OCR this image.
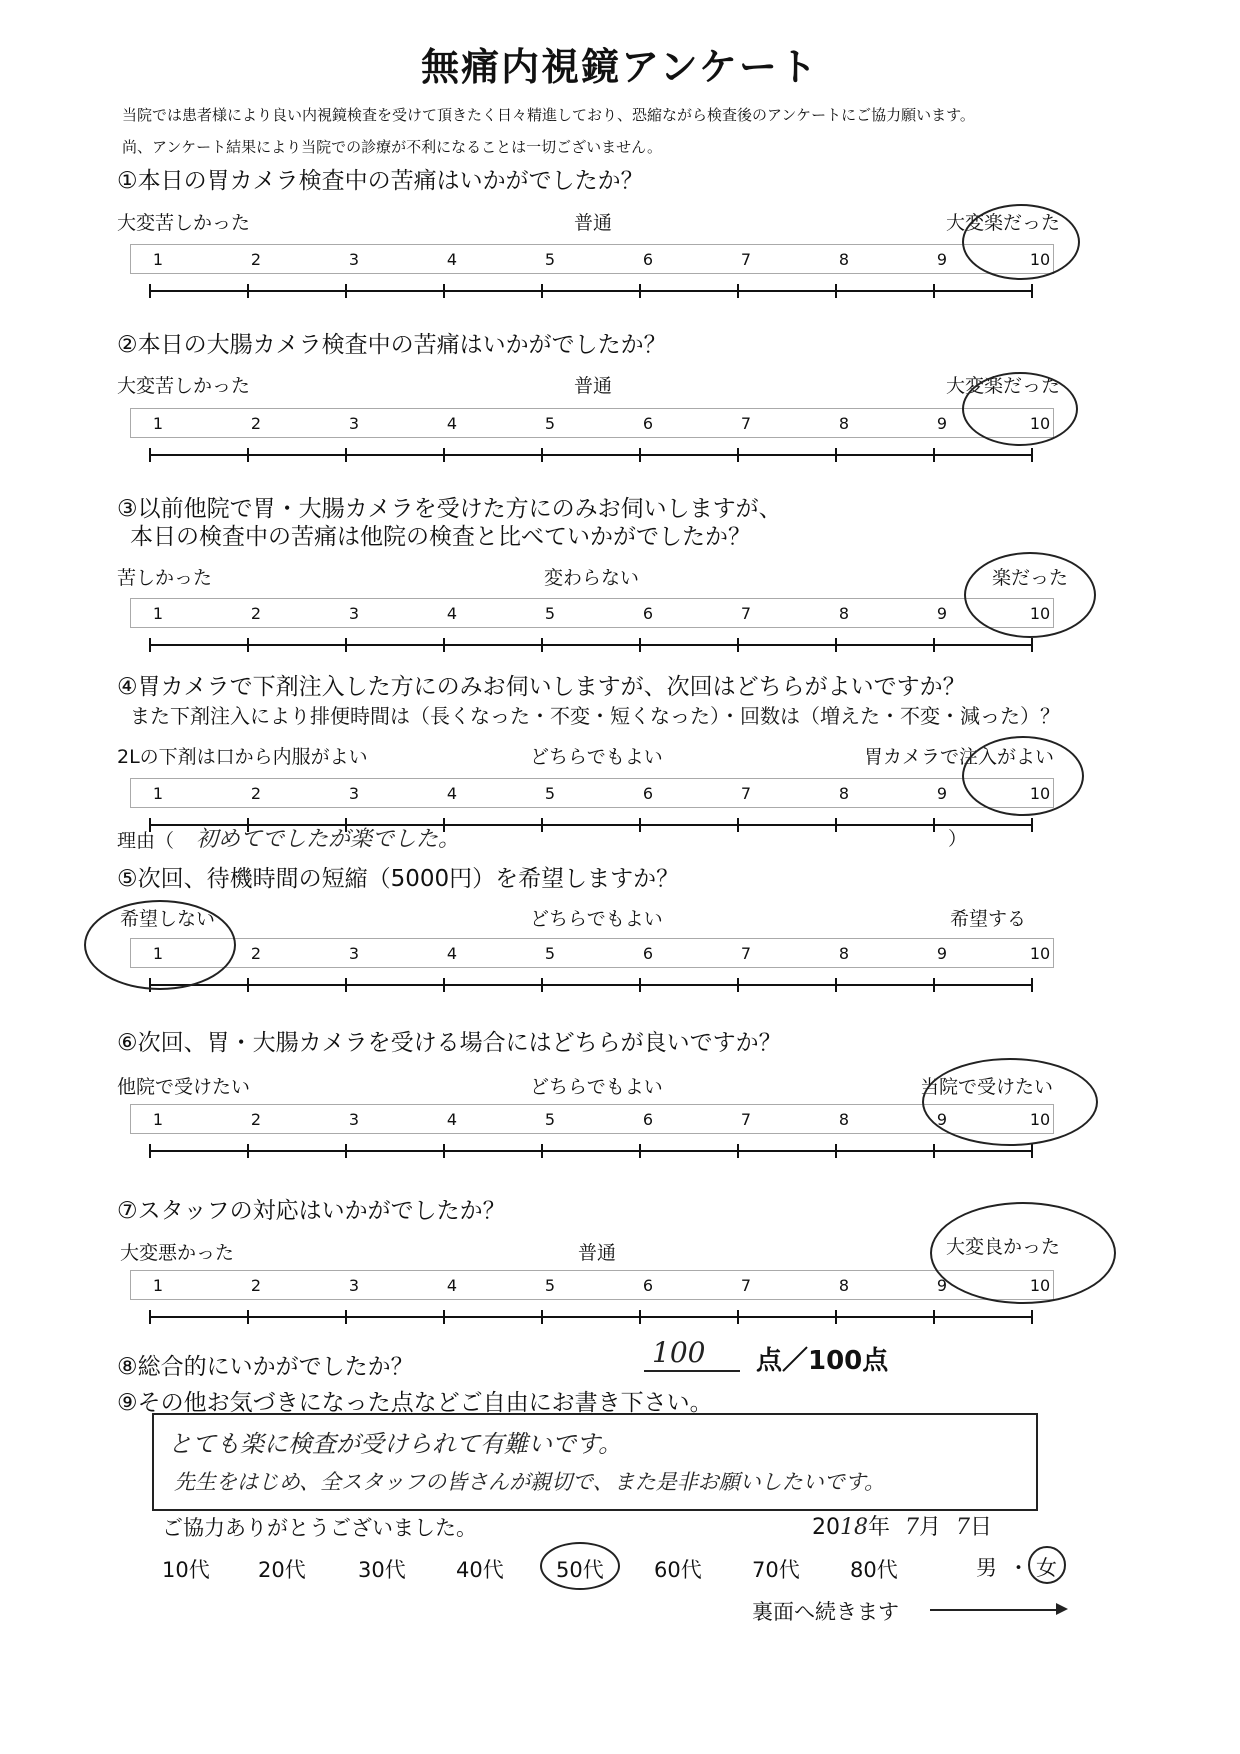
無痛内視鏡アンケート
当院では患者様により良い内視鏡検査を受けて頂きたく日々精進しており、恐縮ながら検査後のアンケートにご協力願います。
尚、アンケート結果により当院での診療が不利になることは一切ございません。
①本日の胃カメラ検査中の苦痛はいかがでしたか？
大変苦しかった	普通	大変楽だった
1	2	3	4	5	6	7	8	9	10
②本日の大腸カメラ検査中の苦痛はいかがでしたか？
大変苦しかった	普通	大変楽だった
1	2	3	4	5	6	7	8	9	10
③以前他院で胃・大腸カメラを受けた方にのみお伺いしますが、
本日の検査中の苦痛は他院の検査と比べていかがでしたか？
苦しかった	変わらない	楽だった
1	2	3	4	5	6	7	8	9	10
④胃カメラで下剤注入した方にのみお伺いしますが、次回はどちらがよいですか？
また下剤注入により排便時間は（長くなった・不変・短くなった）・回数は（増えた・不変・減った）？
2Lの下剤は口から内服がよい	どちらでもよい	胃カメラで注入がよい
1	2	3	4	5	6	7	8	9	10
理由（ 初めてでしたが楽でした。	）
⑤次回、待機時間の短縮（5000円）を希望しますか？
希望しない	どちらでもよい	希望する
1	2	3	4	5	6	7	8	9	10
⑥次回、胃・大腸カメラを受ける場合にはどちらが良いですか？
他院で受けたい	どちらでもよい	当院で受けたい
1	2	3	4	5	6	7	8	9	10
⑦スタッフの対応はいかがでしたか？
大変悪かった	普通	大変良かった
1	2	3	4	5	6	7	8	9	10
⑧総合的にいかがでしたか？	100 点／100点
⑨その他お気づきになった点などご自由にお書き下さい。
とても楽に検査が受けられて有難いです。
先生をはじめ、全スタッフの皆さんが親切で、また是非お願いしたいです。
ご協力ありがとうございました。	2018年 7月 7日
10代 20代 30代 40代 50代 60代 70代 80代	男 ・ 女
裏面へ続きます
